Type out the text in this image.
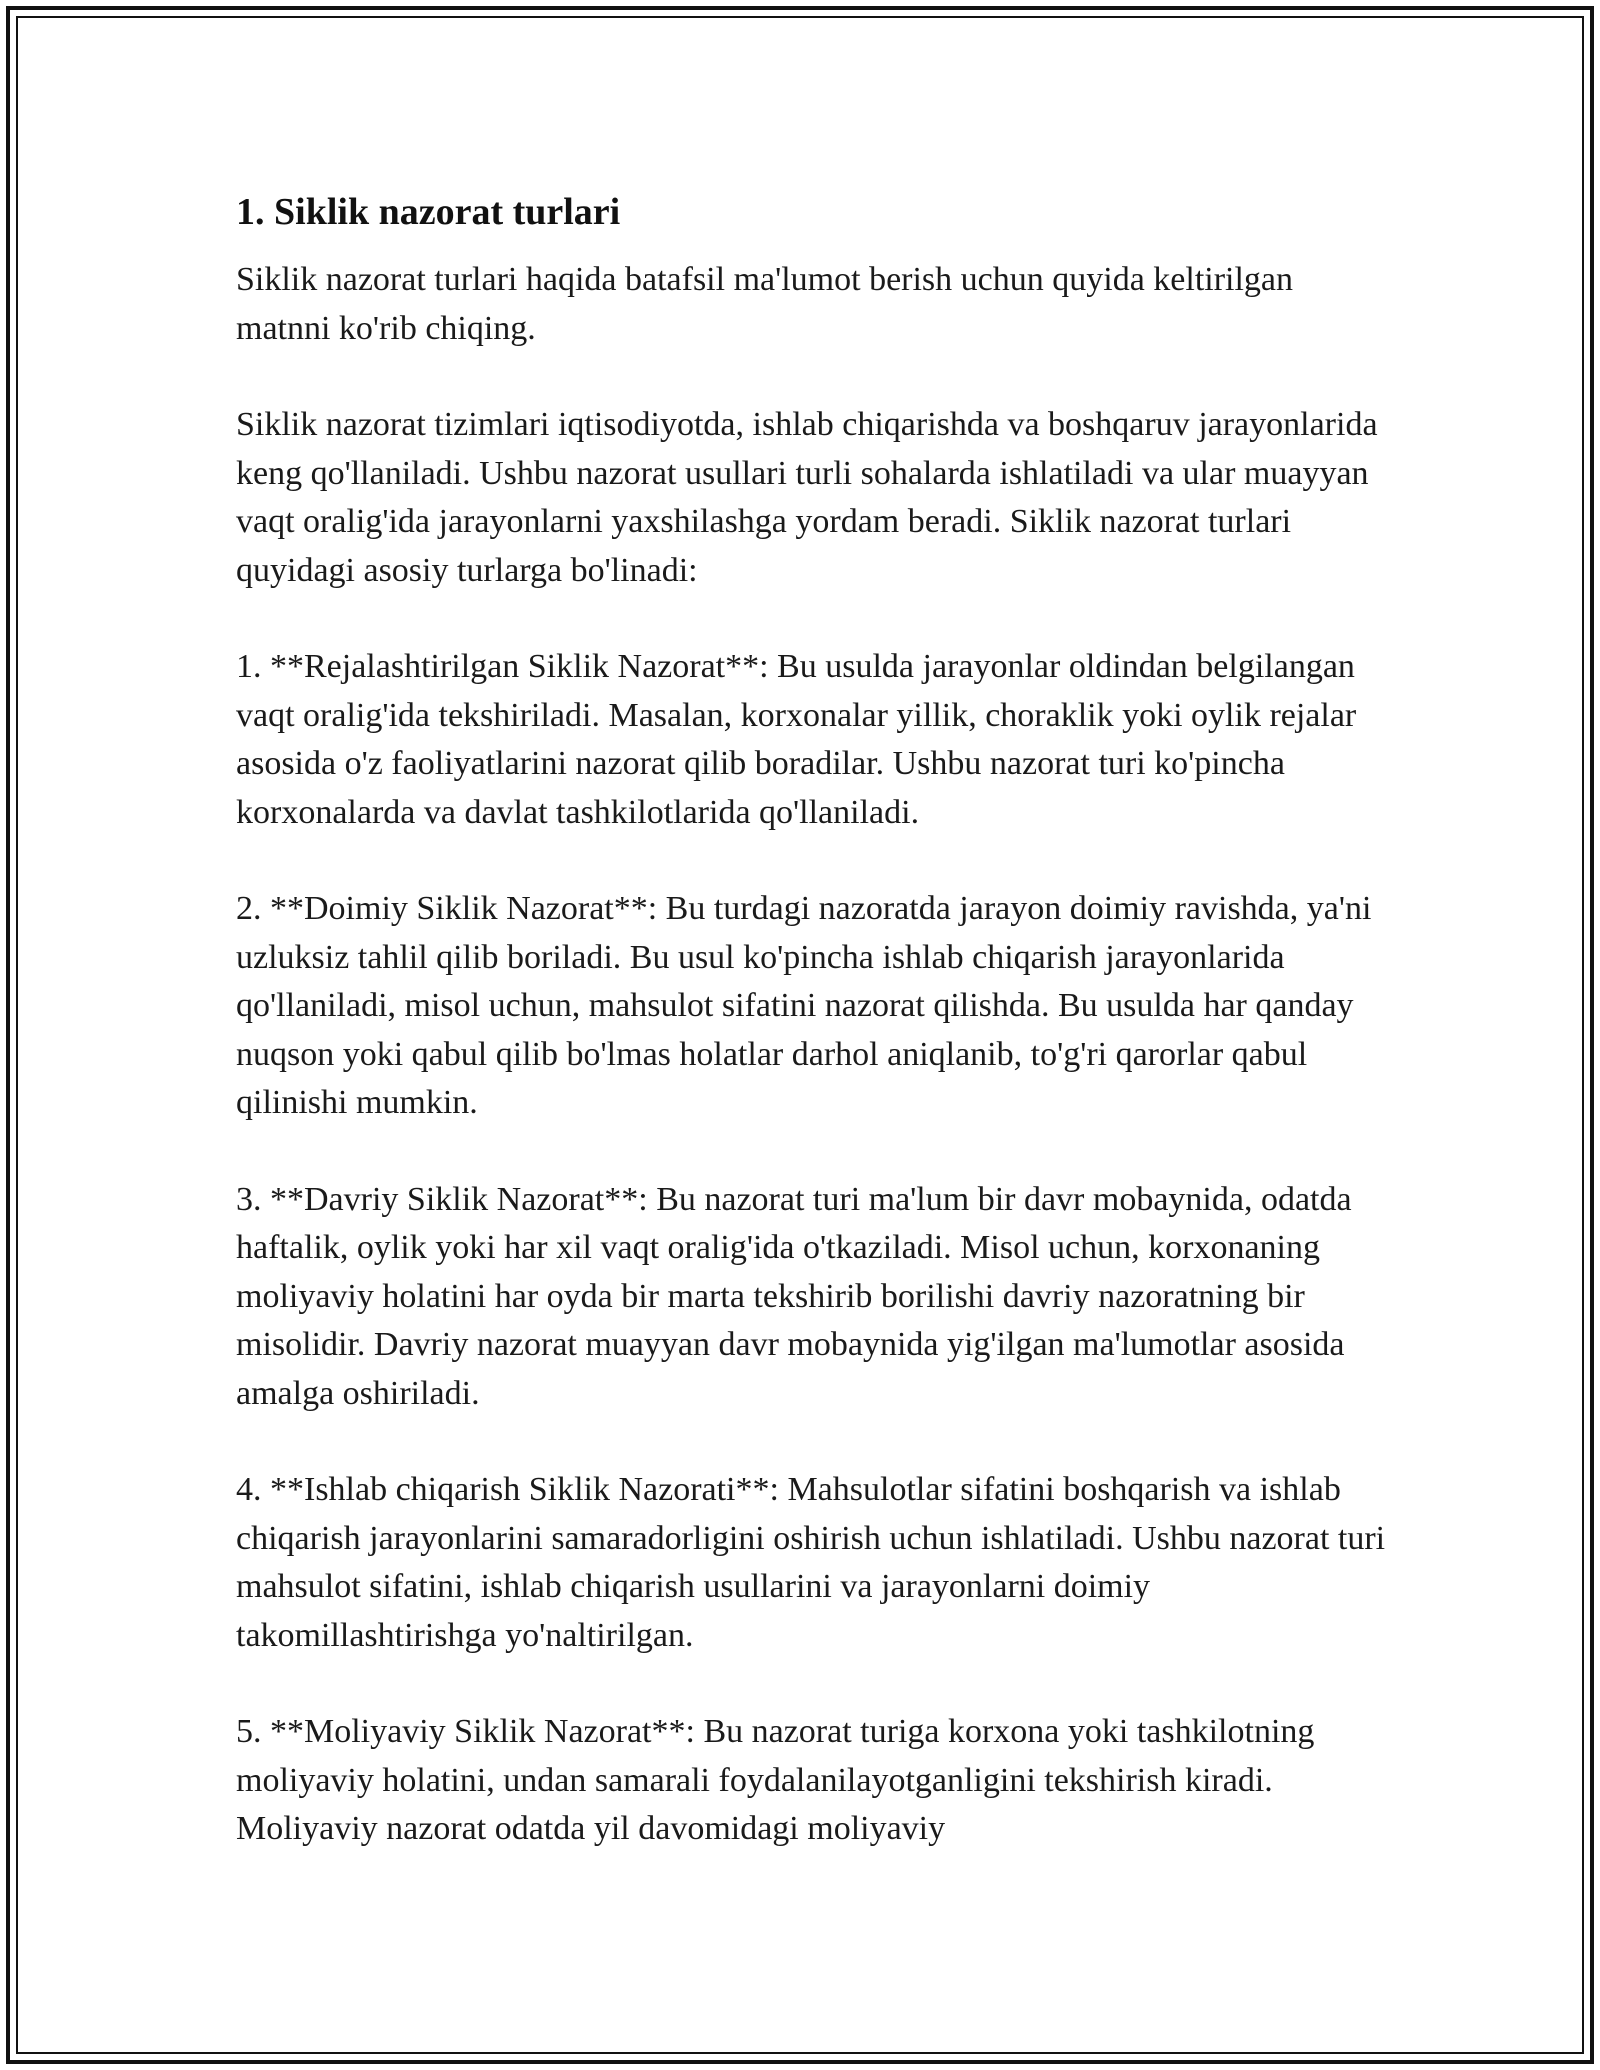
1. Siklik nazorat turlari

Siklik nazorat turlari haqida batafsil ma'lumot berish uchun quyida keltirilgan matnni ko'rib chiqing.

Siklik nazorat tizimlari iqtisodiyotda, ishlab chiqarishda va boshqaruv jarayonlarida keng qo'llaniladi. Ushbu nazorat usullari turli sohalarda ishlatiladi va ular muayyan vaqt oralig'ida jarayonlarni yaxshilashga yordam beradi. Siklik nazorat turlari quyidagi asosiy turlarga bo'linadi:

1. **Rejalashtirilgan Siklik Nazorat**: Bu usulda jarayonlar oldindan belgilangan vaqt oralig'ida tekshiriladi. Masalan, korxonalar yillik, choraklik yoki oylik rejalar asosida o'z faoliyatlarini nazorat qilib boradilar. Ushbu nazorat turi ko'pincha korxonalarda va davlat tashkilotlarida qo'llaniladi.

2. **Doimiy Siklik Nazorat**: Bu turdagi nazoratda jarayon doimiy ravishda, ya'ni uzluksiz tahlil qilib boriladi. Bu usul ko'pincha ishlab chiqarish jarayonlarida qo'llaniladi, misol uchun, mahsulot sifatini nazorat qilishda. Bu usulda har qanday nuqson yoki qabul qilib bo'lmas holatlar darhol aniqlanib, to'g'ri qarorlar qabul qilinishi mumkin.

3. **Davriy Siklik Nazorat**: Bu nazorat turi ma'lum bir davr mobaynida, odatda haftalik, oylik yoki har xil vaqt oralig'ida o'tkaziladi. Misol uchun, korxonaning moliyaviy holatini har oyda bir marta tekshirib borilishi davriy nazoratning bir misolidir. Davriy nazorat muayyan davr mobaynida yig'ilgan ma'lumotlar asosida amalga oshiriladi.

4. **Ishlab chiqarish Siklik Nazorati**: Mahsulotlar sifatini boshqarish va ishlab chiqarish jarayonlarini samaradorligini oshirish uchun ishlatiladi. Ushbu nazorat turi mahsulot sifatini, ishlab chiqarish usullarini va jarayonlarni doimiy takomillashtirishga yo'naltirilgan.

5. **Moliyaviy Siklik Nazorat**: Bu nazorat turiga korxona yoki tashkilotning moliyaviy holatini, undan samarali foydalanilayotganligini tekshirish kiradi. Moliyaviy nazorat odatda yil davomidagi moliyaviy
